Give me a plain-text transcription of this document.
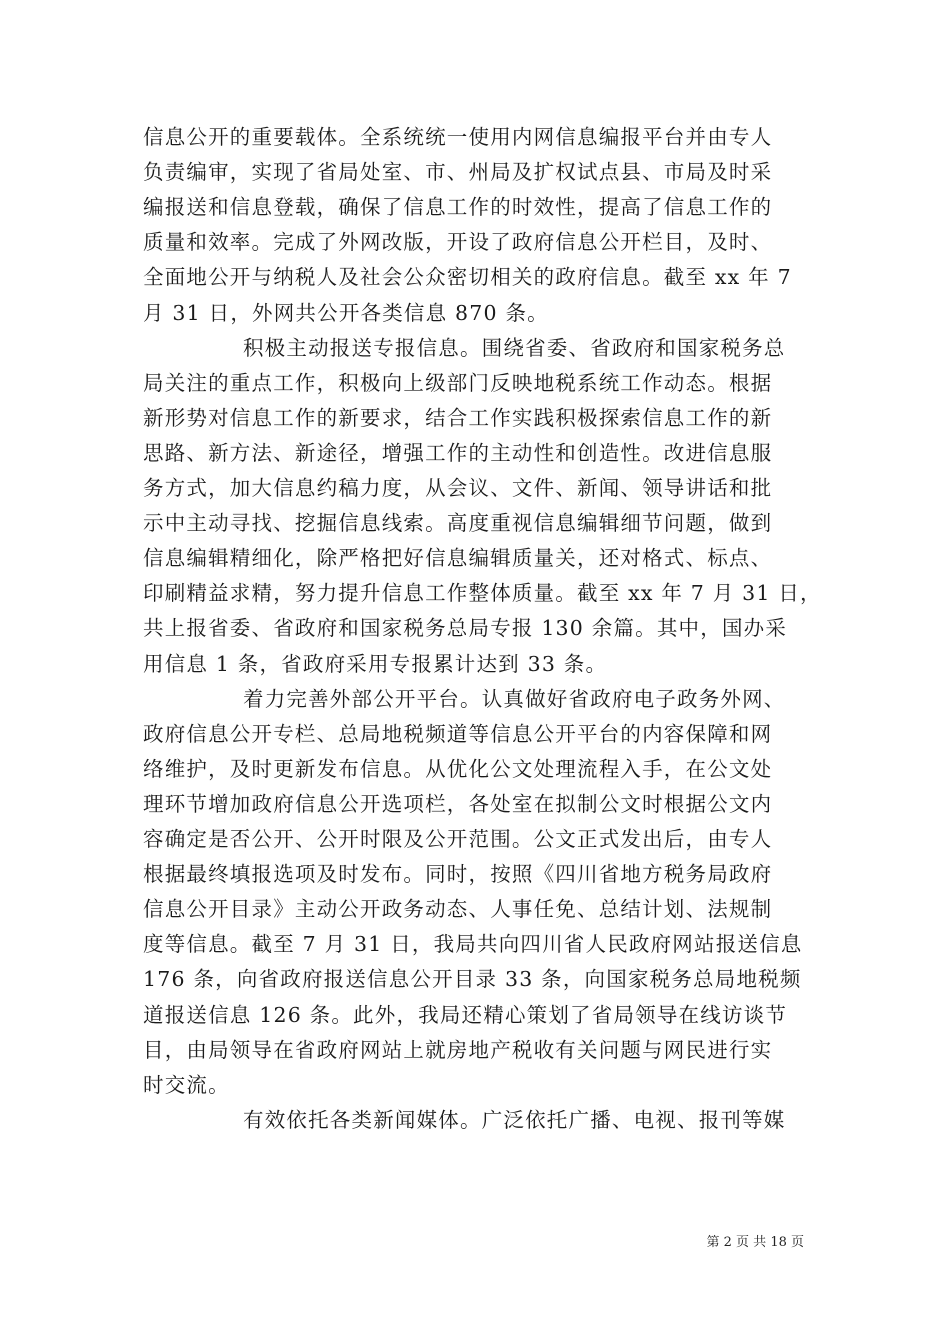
信息公开的重要载体。全系统统一使用内网信息编报平台并由专人
负责编审，实现了省局处室、市、州局及扩权试点县、市局及时采
编报送和信息登载，确保了信息工作的时效性，提高了信息工作的
质量和效率。完成了外网改版，开设了政府信息公开栏目，及时、
全面地公开与纳税人及社会公众密切相关的政府信息。截至 xx 年 7
月 31 日，外网共公开各类信息 870 条。
积极主动报送专报信息。围绕省委、省政府和国家税务总
局关注的重点工作，积极向上级部门反映地税系统工作动态。根据
新形势对信息工作的新要求，结合工作实践积极探索信息工作的新
思路、新方法、新途径，增强工作的主动性和创造性。改进信息服
务方式，加大信息约稿力度，从会议、文件、新闻、领导讲话和批
示中主动寻找、挖掘信息线索。高度重视信息编辑细节问题，做到
信息编辑精细化，除严格把好信息编辑质量关，还对格式、标点、
印刷精益求精，努力提升信息工作整体质量。截至 xx 年 7 月 31 日，
共上报省委、省政府和国家税务总局专报 130 余篇。其中，国办采
用信息 1 条，省政府采用专报累计达到 33 条。
着力完善外部公开平台。认真做好省政府电子政务外网、
政府信息公开专栏、总局地税频道等信息公开平台的内容保障和网
络维护，及时更新发布信息。从优化公文处理流程入手，在公文处
理环节增加政府信息公开选项栏，各处室在拟制公文时根据公文内
容确定是否公开、公开时限及公开范围。公文正式发出后，由专人
根据最终填报选项及时发布。同时，按照《四川省地方税务局政府
信息公开目录》主动公开政务动态、人事任免、总结计划、法规制
度等信息。截至 7 月 31 日，我局共向四川省人民政府网站报送信息
176 条，向省政府报送信息公开目录 33 条，向国家税务总局地税频
道报送信息 126 条。此外，我局还精心策划了省局领导在线访谈节
目，由局领导在省政府网站上就房地产税收有关问题与网民进行实
时交流。
有效依托各类新闻媒体。广泛依托广播、电视、报刊等媒
第 2 页 共 18 页
